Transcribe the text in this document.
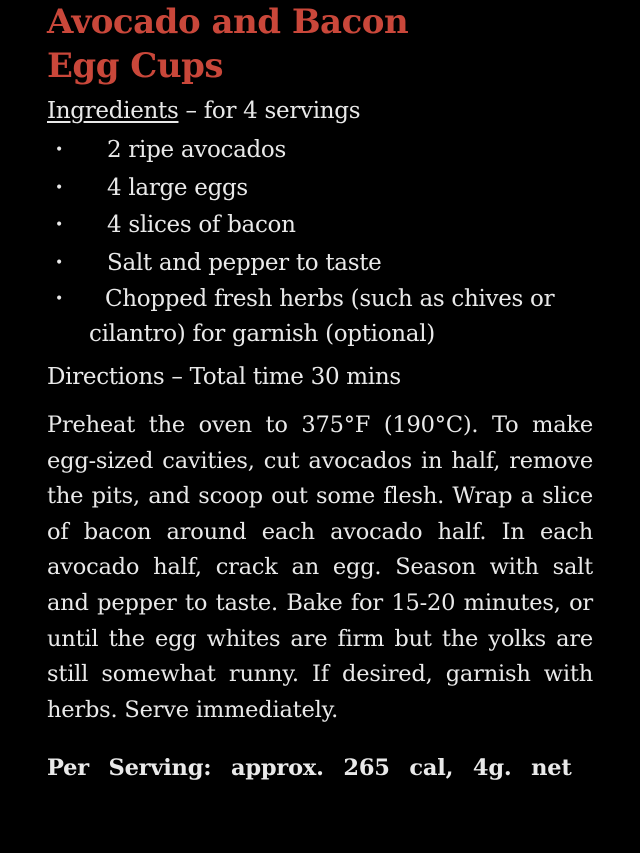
Avocado and Bacon
Egg Cups
Ingredients – for 4 servings
• 2 ripe avocados
• 4 large eggs
• 4 slices of bacon
• Salt and pepper to taste
• Chopped fresh herbs (such as chives or cilantro) for garnish (optional)
Directions – Total time 30 mins

Preheat the oven to 375°F (190°C). To make egg-sized cavities, cut avocados in half, remove the pits, and scoop out some flesh. Wrap a slice of bacon around each avocado half. In each avocado half, crack an egg. Season with salt and pepper to taste. Bake for 15-20 minutes, or until the egg whites are firm but the yolks are still somewhat runny. If desired, garnish with herbs. Serve immediately.

Per Serving: approx. 265 cal, 4g. net
